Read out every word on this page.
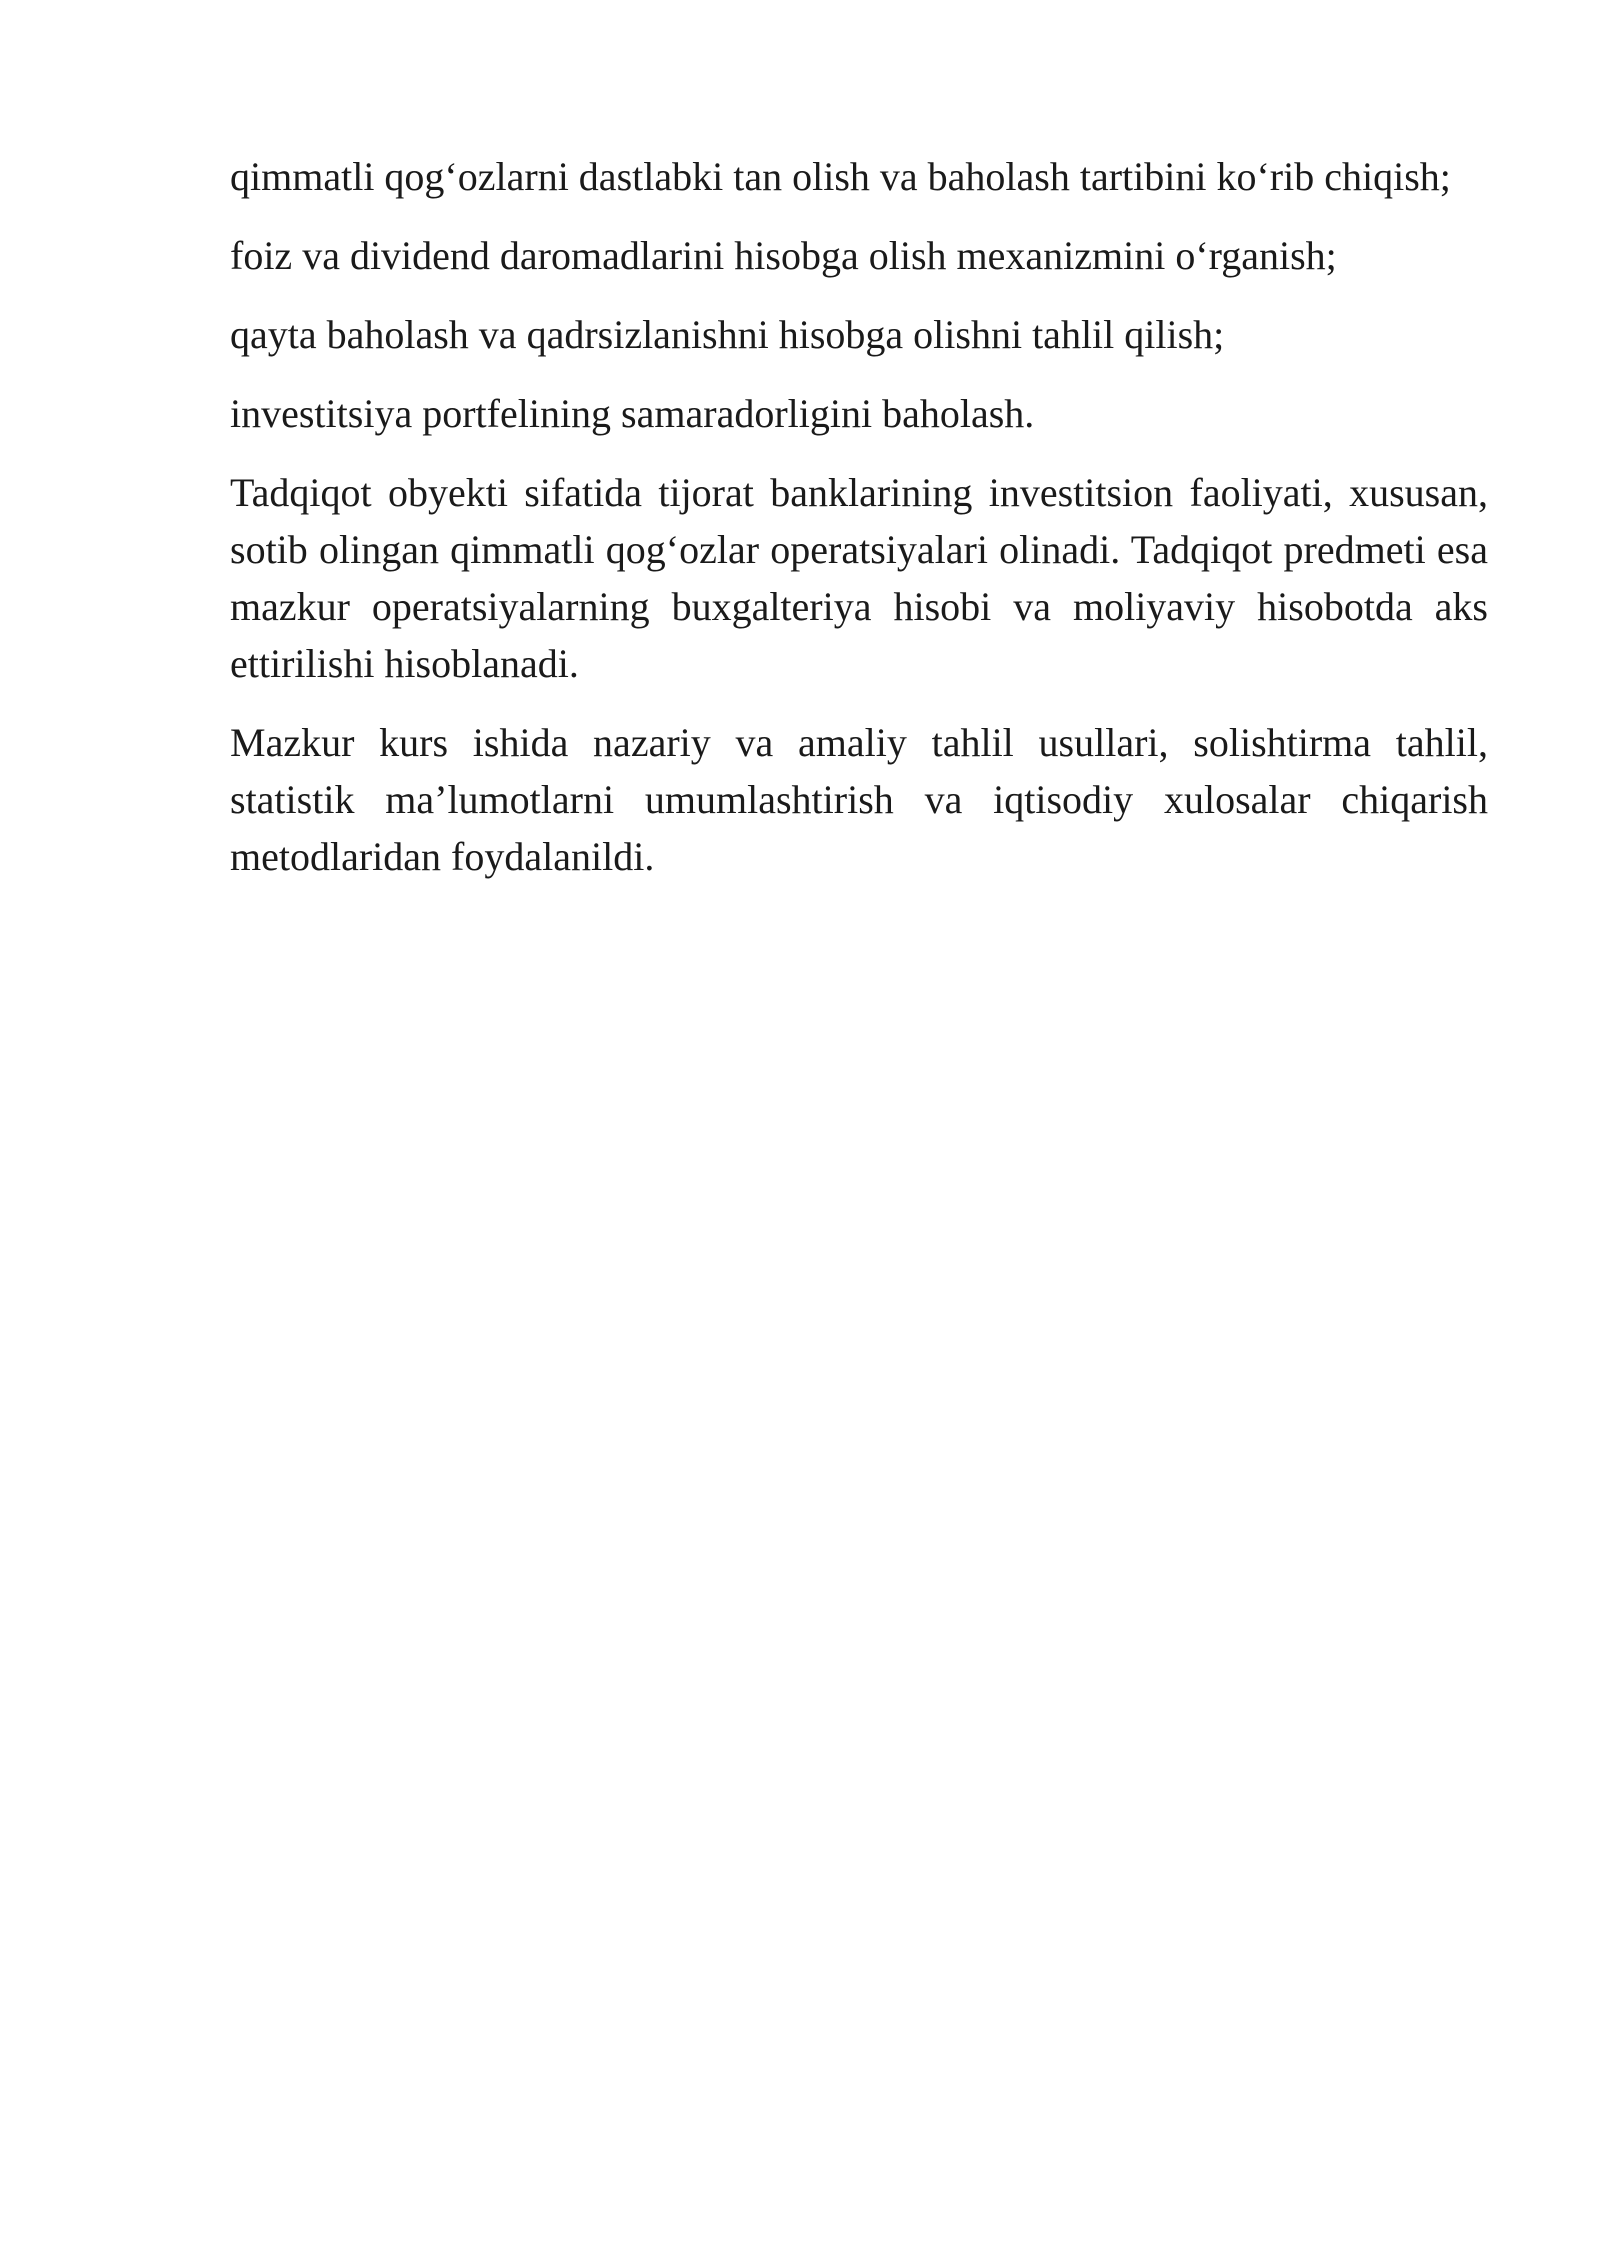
qimmatli qog‘ozlarni dastlabki tan olish va baholash tartibini ko‘rib chiqish;

foiz va dividend daromadlarini hisobga olish mexanizmini o‘rganish;

qayta baholash va qadrsizlanishni hisobga olishni tahlil qilish;

investitsiya portfelining samaradorligini baholash.

Tadqiqot obyekti sifatida tijorat banklarining investitsion faoliyati, xususan, sotib olingan qimmatli qog‘ozlar operatsiyalari olinadi. Tadqiqot predmeti esa mazkur operatsiyalarning buxgalteriya hisobi va moliyaviy hisobotda aks ettirilishi hisoblanadi.

Mazkur kurs ishida nazariy va amaliy tahlil usullari, solishtirma tahlil, statistik ma’lumotlarni umumlashtirish va iqtisodiy xulosalar chiqarish metodlaridan foydalanildi.
